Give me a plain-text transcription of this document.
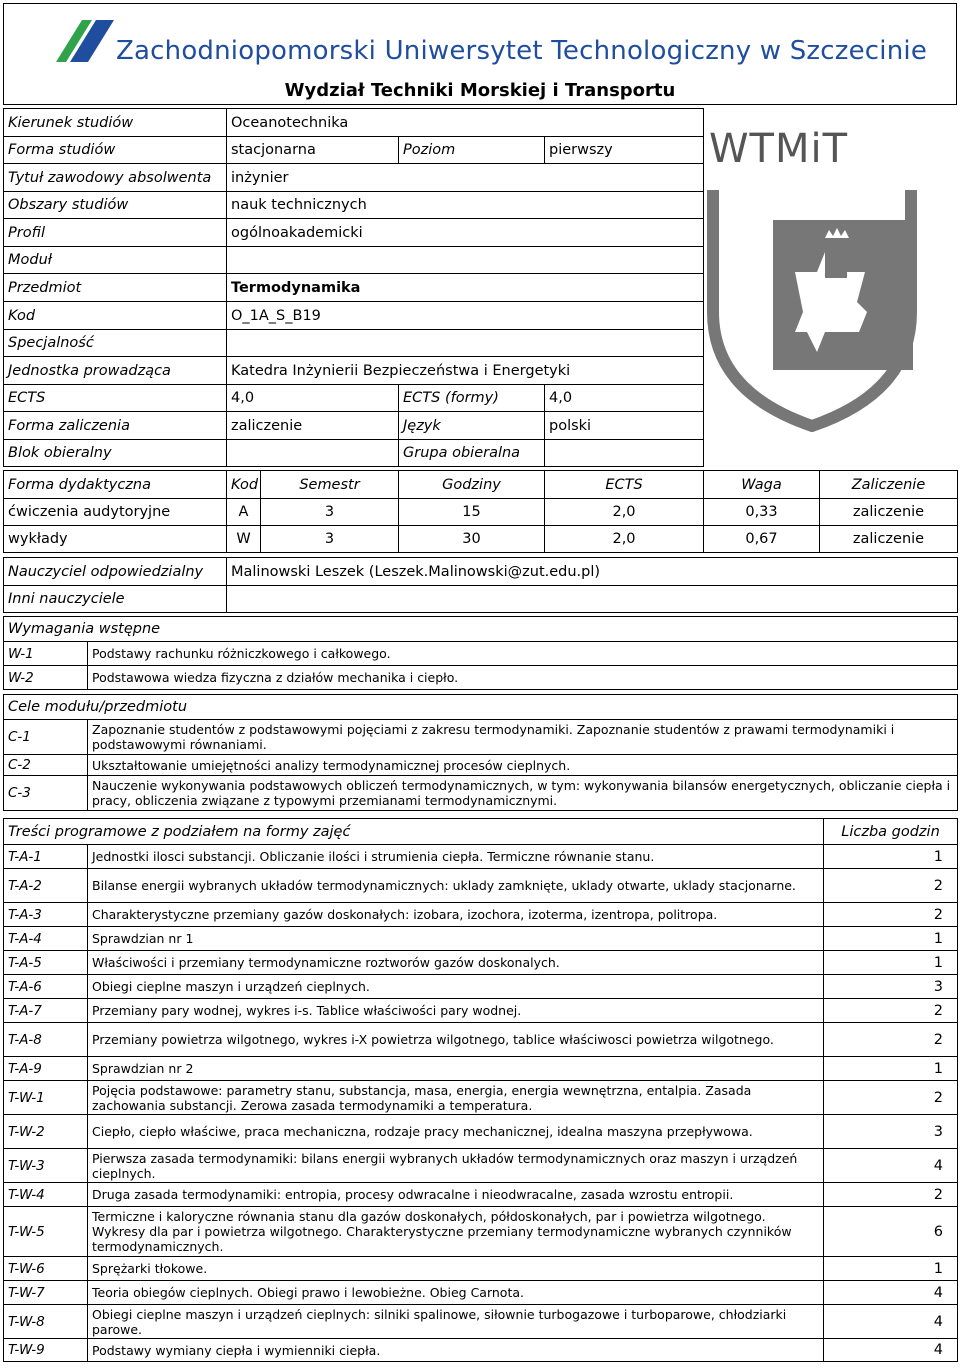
Zachodniopomorski Uniwersytet Technologiczny w Szczecinie
Wydział Techniki Morskiej i Transportu
WTMiT
Kierunek studiów	Oceanotechnika		
Forma studiów	stacjonarna	Poziom	pierwszy
Tytuł zawodowy absolwenta	inżynier		
Obszary studiów	nauk technicznych		
Profil	ogólnoakademicki		
Moduł			
Przedmiot	Termodynamika		
Kod	O_1A_S_B19		
Specjalność			
Jednostka prowadząca	Katedra Inżynierii Bezpieczeństwa i Energetyki		
ECTS	4,0	ECTS (formy)	4,0
Forma zaliczenia	zaliczenie	Język	polski
Blok obieralny		Grupa obieralna	
Forma dydaktyczna	Kod	Semestr	Godziny	ECTS	Waga	Zaliczenie
ćwiczenia audytoryjne	A	3	15	2,0	0,33	zaliczenie
wykłady	W	3	30	2,0	0,67	zaliczenie
Nauczyciel odpowiedzialny	Malinowski Leszek (Leszek.Malinowski@zut.edu.pl)
Inni nauczyciele	
Wymagania wstępne	
W-1	Podstawy rachunku różniczkowego i całkowego.
W-2	Podstawowa wiedza fizyczna z działów mechanika i ciepło.
Cele modułu/przedmiotu	
C-1	Zapoznanie studentów z podstawowymi pojęciami z zakresu termodynamiki. Zapoznanie studentów z prawami termodynamiki i podstawowymi równaniami.
C-2	Ukształtowanie umiejętności analizy termodynamicznej procesów cieplnych.
C-3	Nauczenie wykonywania podstawowych obliczeń termodynamicznych, w tym: wykonywania bilansów energetycznych, obliczanie ciepła i pracy, obliczenia związane z typowymi przemianami termodynamicznymi.
Treści programowe z podziałem na formy zajęć		Liczba godzin
T-A-1	Jednostki ilosci substancji. Obliczanie ilości i strumienia ciepła. Termiczne równanie stanu.	1
T-A-2	Bilanse energii wybranych układów termodynamicznych: uklady zamknięte, uklady otwarte, uklady stacjonarne.	2
T-A-3	Charakterystyczne przemiany gazów doskonałych: izobara, izochora, izoterma, izentropa, politropa.	2
T-A-4	Sprawdzian nr 1	1
T-A-5	Właściwości i przemiany termodynamiczne roztworów gazów doskonalych.	1
T-A-6	Obiegi cieplne maszyn i urządzeń cieplnych.	3
T-A-7	Przemiany pary wodnej, wykres i-s. Tablice właściwości pary wodnej.	2
T-A-8	Przemiany powietrza wilgotnego, wykres i-X powietrza wilgotnego, tablice właściwosci powietrza wilgotnego.	2
T-A-9	Sprawdzian nr 2	1
T-W-1	Pojęcia podstawowe: parametry stanu, substancja, masa, energia, energia wewnętrzna, entalpia. Zasada zachowania substancji. Zerowa zasada termodynamiki a temperatura.	2
T-W-2	Ciepło, ciepło właściwe, praca mechaniczna, rodzaje pracy mechanicznej, idealna maszyna przepływowa.	3
T-W-3	Pierwsza zasada termodynamiki: bilans energii wybranych układów termodynamicznych oraz maszyn i urządzeń cieplnych.	4
T-W-4	Druga zasada termodynamiki: entropia, procesy odwracalne i nieodwracalne, zasada wzrostu entropii.	2
T-W-5	Termiczne i kaloryczne równania stanu dla gazów doskonałych, półdoskonałych, par i powietrza wilgotnego. Wykresy dla par i powietrza wilgotnego. Charakterystyczne przemiany termodynamiczne wybranych czynników termodynamicznych.	6
T-W-6	Sprężarki tłokowe.	1
T-W-7	Teoria obiegów cieplnych. Obiegi prawo i lewobieżne. Obieg Carnota.	4
T-W-8	Obiegi cieplne maszyn i urządzeń cieplnych: silniki spalinowe, siłownie turbogazowe i turboparowe, chłodziarki parowe.	4
T-W-9	Podstawy wymiany ciepła i wymienniki ciepła.	4
